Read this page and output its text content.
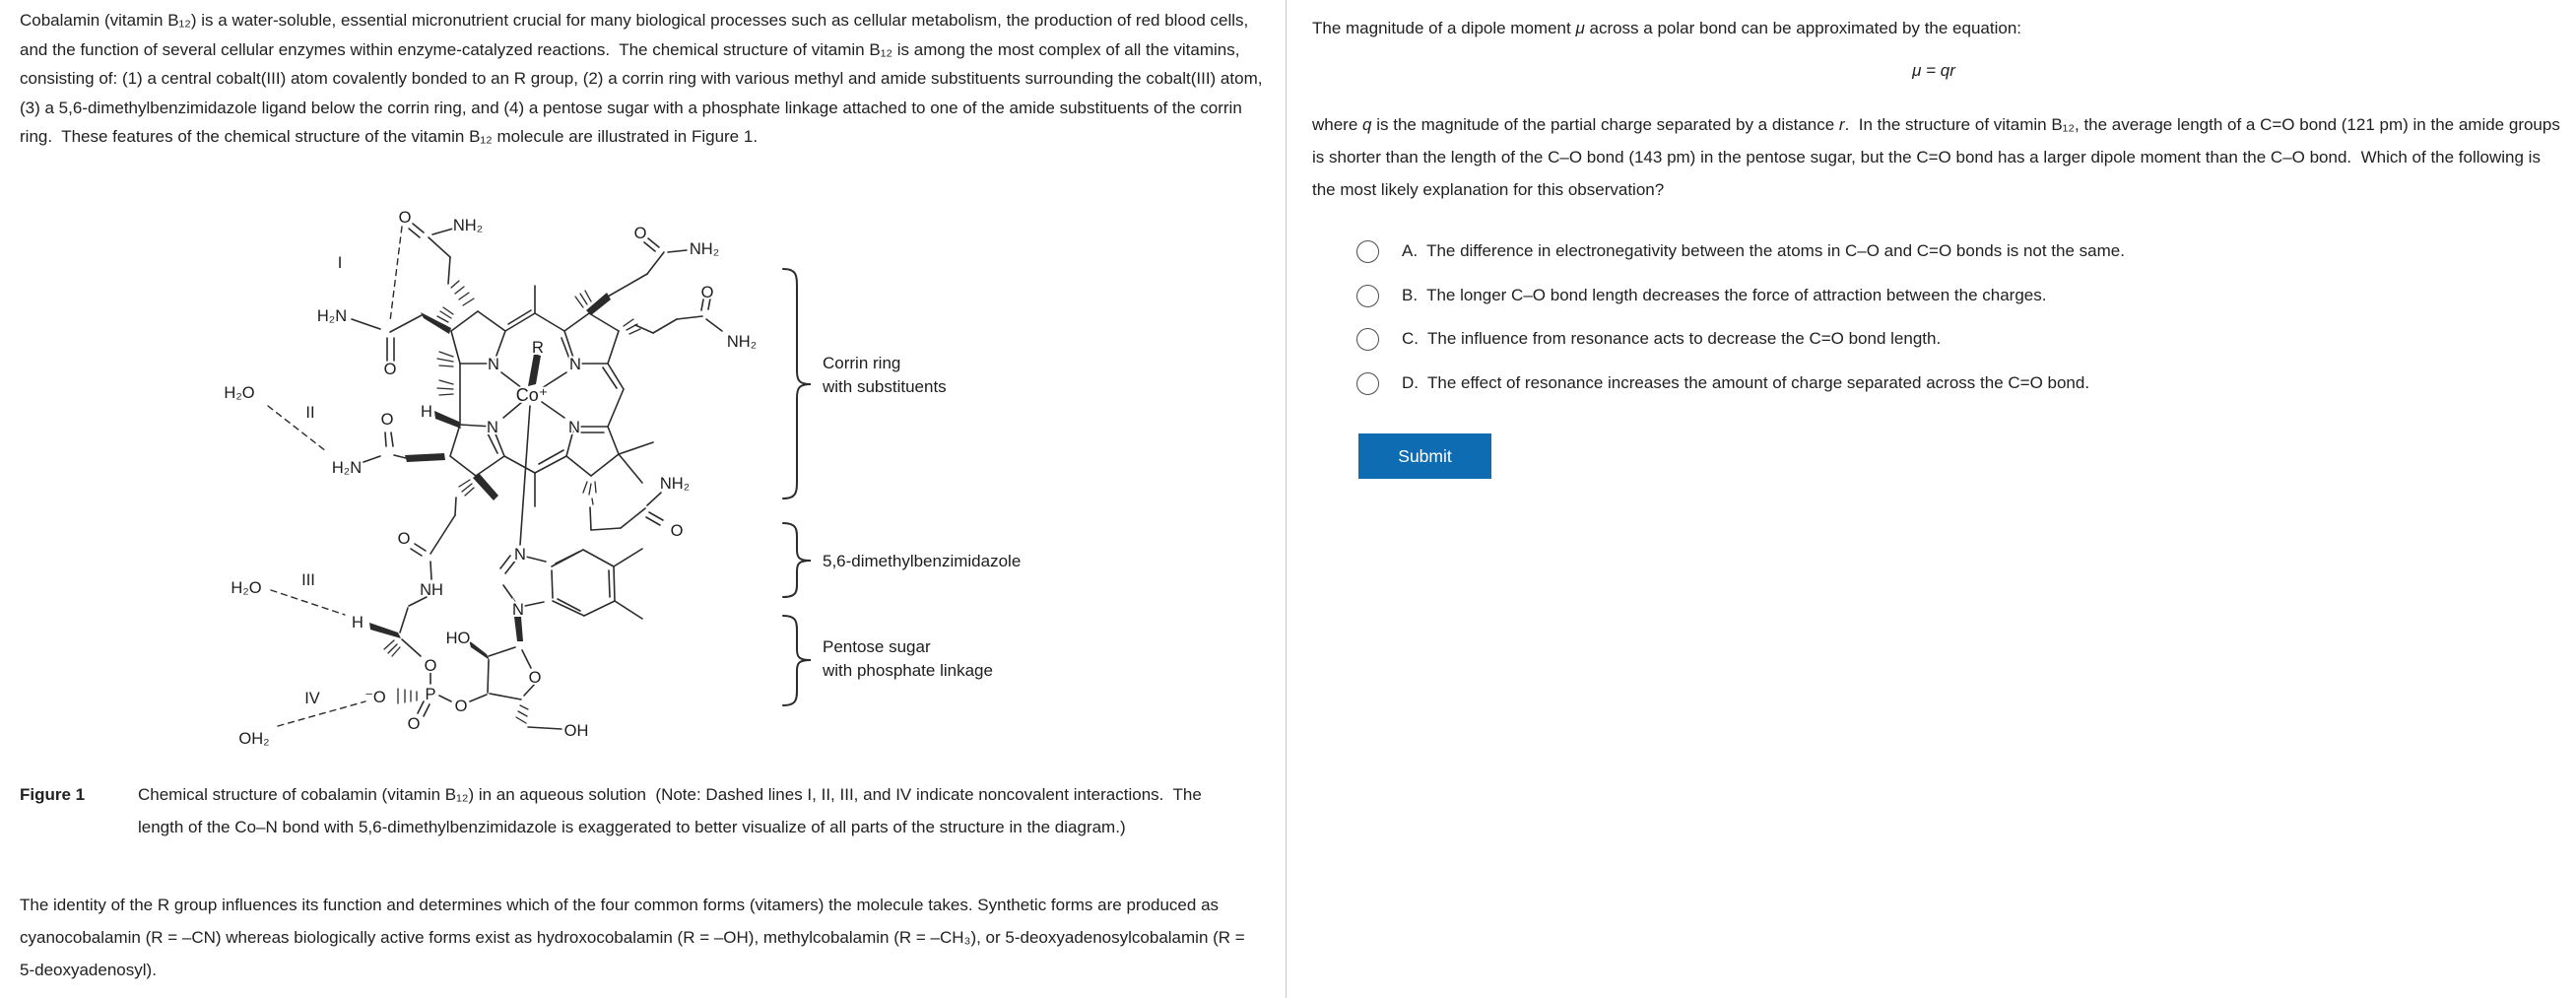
Cobalamin (vitamin B₁₂) is a water-soluble, essential micronutrient crucial for many biological processes such as cellular metabolism, the production of red blood cells, and the function of several cellular enzymes within enzyme-catalyzed reactions.  The chemical structure of vitamin B₁₂ is among the most complex of all the vitamins, consisting of: (1) a central cobalt(III) atom covalently bonded to an R group, (2) a corrin ring with various methyl and amide substituents surrounding the cobalt(III) atom, (3) a 5,6-dimethylbenzimidazole ligand below the corrin ring, and (4) a pentose sugar with a phosphate linkage attached to one of the amide substituents of the corrin ring.  These features of the chemical structure of the vitamin B₁₂ molecule are illustrated in Figure 1.
NH₂
O
I
H₂N
O
NH₂
O
O
NH₂
H₂O
II
H₂N
O H
R
Co⁺
N	N
N	N
NH₂
O
O
NH
H₂O III
H
HO
O
OH
O
P
⁻O
O
O
IV
OH₂
N
N
Corrin ring
with substituents
5,6-dimethylbenzimidazole
Pentose sugar
with phosphate linkage
Figure 1	Chemical structure of cobalamin (vitamin B₁₂) in an aqueous solution  (Note: Dashed lines I, II, III, and IV indicate noncovalent interactions.  The length of the Co–N bond with 5,6-dimethylbenzimidazole is exaggerated to better visualize of all parts of the structure in the diagram.)
The identity of the R group influences its function and determines which of the four common forms (vitamers) the molecule takes. Synthetic forms are produced as cyanocobalamin (R = –CN) whereas biologically active forms exist as hydroxocobalamin (R = –OH), methylcobalamin (R = –CH₃), or 5-deoxyadenosylcobalamin (R = 5-deoxyadenosyl).
The magnitude of a dipole moment μ across a polar bond can be approximated by the equation:
μ = qr
where q is the magnitude of the partial charge separated by a distance r.  In the structure of vitamin B₁₂, the average length of a C=O bond (121 pm) in the amide groups is shorter than the length of the C–O bond (143 pm) in the pentose sugar, but the C=O bond has a larger dipole moment than the C–O bond.  Which of the following is the most likely explanation for this observation?
A. The difference in electronegativity between the atoms in C–O and C=O bonds is not the same.
B. The longer C–O bond length decreases the force of attraction between the charges.
C. The influence from resonance acts to decrease the C=O bond length.
D. The effect of resonance increases the amount of charge separated across the C=O bond.
Submit
